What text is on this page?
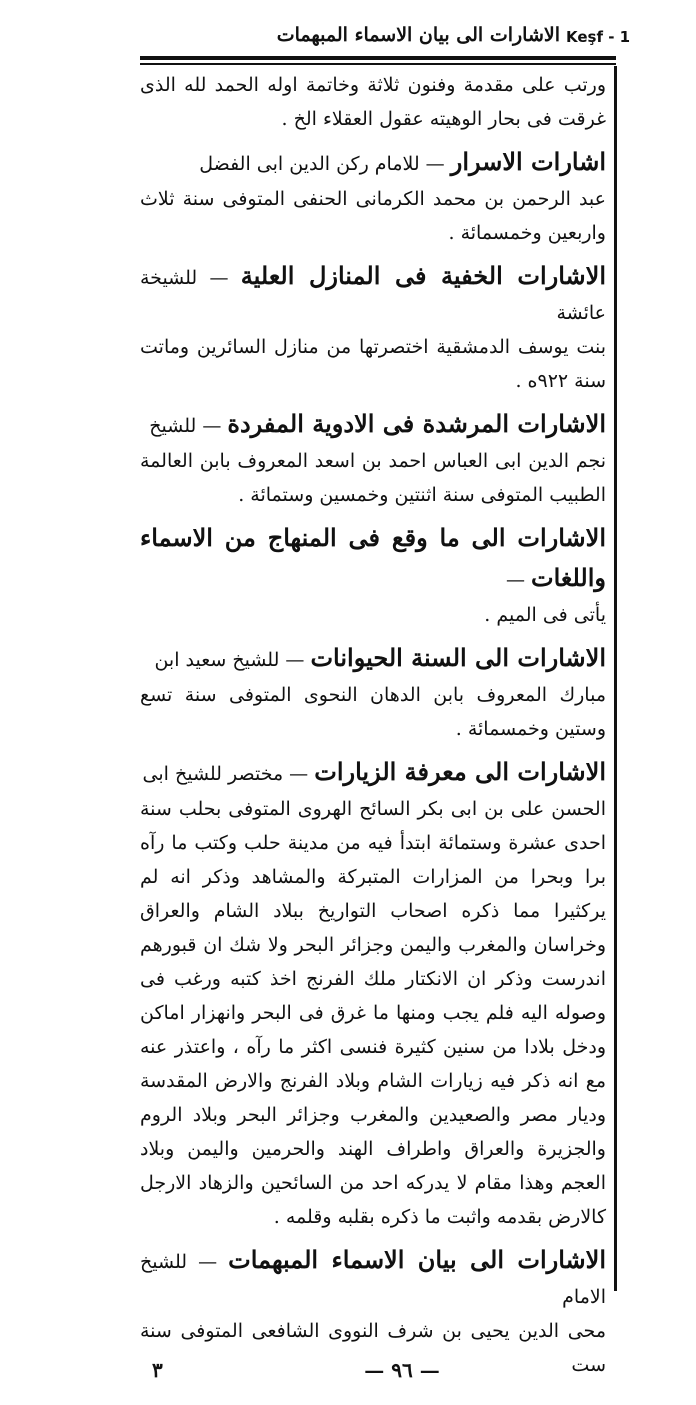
Keşf - 1
الاشارات الى بيان الاسماء المبهمات

ورتب على مقدمة وفنون ثلاثة وخاتمة اوله الحمد لله الذى غرقت فى بحار الوهيته عقول العقلاء الخ .

اشارات الاسرار — للامام ركن الدين ابى الفضل

عبد الرحمن بن محمد الكرمانى الحنفى المتوفى سنة ثلاث واربعين وخمسمائة .

الاشارات الخفية فى المنازل العلية — للشيخة عائشة

بنت يوسف الدمشقية اختصرتها من منازل السائرين وماتت سنة ٩٢٢ه .

الاشارات المرشدة فى الادوية المفردة — للشيخ

نجم الدين ابى العباس احمد بن اسعد المعروف بابن العالمة الطبيب المتوفى سنة اثنتين وخمسين وستمائة .

الاشارات الى ما وقع فى المنهاج من الاسماء واللغات —

يأتى فى الميم .

الاشارات الى السنة الحيوانات — للشيخ سعيد ابن

مبارك المعروف بابن الدهان النحوى المتوفى سنة تسع وستين وخمسمائة .

الاشارات الى معرفة الزيارات — مختصر للشيخ ابى

الحسن على بن ابى بكر السائح الهروى المتوفى بحلب سنة احدى عشرة وستمائة ابتدأ فيه من مدينة حلب وكتب ما رآه برا وبحرا من المزارات المتبركة والمشاهد وذكر انه لم يركثيرا مما ذكره اصحاب التواريخ ببلاد الشام والعراق وخراسان والمغرب واليمن وجزائر البحر ولا شك ان قبورهم اندرست وذكر ان الانكتار ملك الفرنج اخذ كتبه ورغب فى وصوله اليه فلم يجب ومنها ما غرق فى البحر وانهزار اماكن ودخل بلادا من سنين كثيرة فنسى اكثر ما رآه ، واعتذر عنه مع انه ذكر فيه زيارات الشام وبلاد الفرنج والارض المقدسة وديار مصر والصعيدين والمغرب وجزائر البحر وبلاد الروم والجزيرة والعراق واطراف الهند والحرمين واليمن وبلاد العجم وهذا مقام لا يدركه احد من السائحين والزهاد الارجل كالارض بقدمه واثبت ما ذكره بقلبه وقلمه .

الاشارات الى بيان الاسماء المبهمات — للشيخ الامام

محى الدين يحيى بن شرف النووى الشافعى المتوفى سنة ست

— ٩٦ —
٣
